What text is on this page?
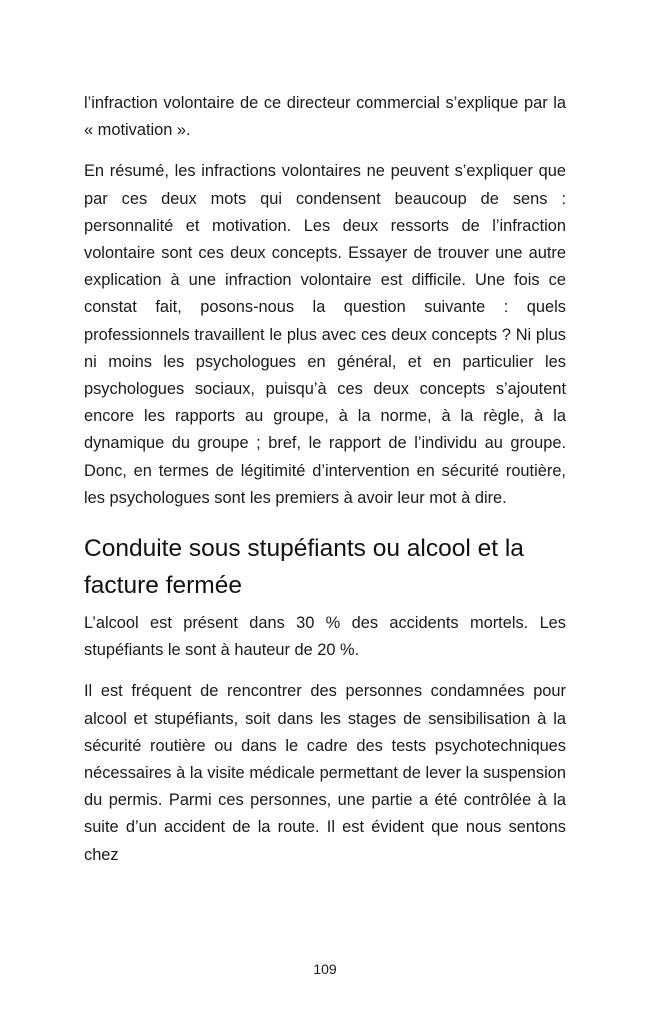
l’infraction volontaire de ce directeur commercial s’explique par la « motivation ».

En résumé, les infractions volontaires ne peuvent s’expliquer que par ces deux mots qui condensent beaucoup de sens : personnalité et motivation. Les deux ressorts de l’infraction volontaire sont ces deux concepts. Essayer de trouver une autre explication à une infraction volontaire est difficile. Une fois ce constat fait, posons-nous la question suivante : quels professionnels travaillent le plus avec ces deux concepts ? Ni plus ni moins les psychologues en général, et en particulier les psychologues sociaux, puisqu’à ces deux concepts s’ajoutent encore les rapports au groupe, à la norme, à la règle, à la dynamique du groupe ; bref, le rapport de l’individu au groupe. Donc, en termes de légitimité d’intervention en sécurité routière, les psychologues sont les premiers à avoir leur mot à dire.

Conduite sous stupéfiants ou alcool et la facture fermée

L’alcool est présent dans 30 % des accidents mortels. Les stupéfiants le sont à hauteur de 20 %.

Il est fréquent de rencontrer des personnes condamnées pour alcool et stupéfiants, soit dans les stages de sensibilisation à la sécurité routière ou dans le cadre des tests psychotechniques nécessaires à la visite médicale permettant de lever la suspension du permis. Parmi ces personnes, une partie a été contrôlée à la suite d’un accident de la route. Il est évident que nous sentons chez

109
